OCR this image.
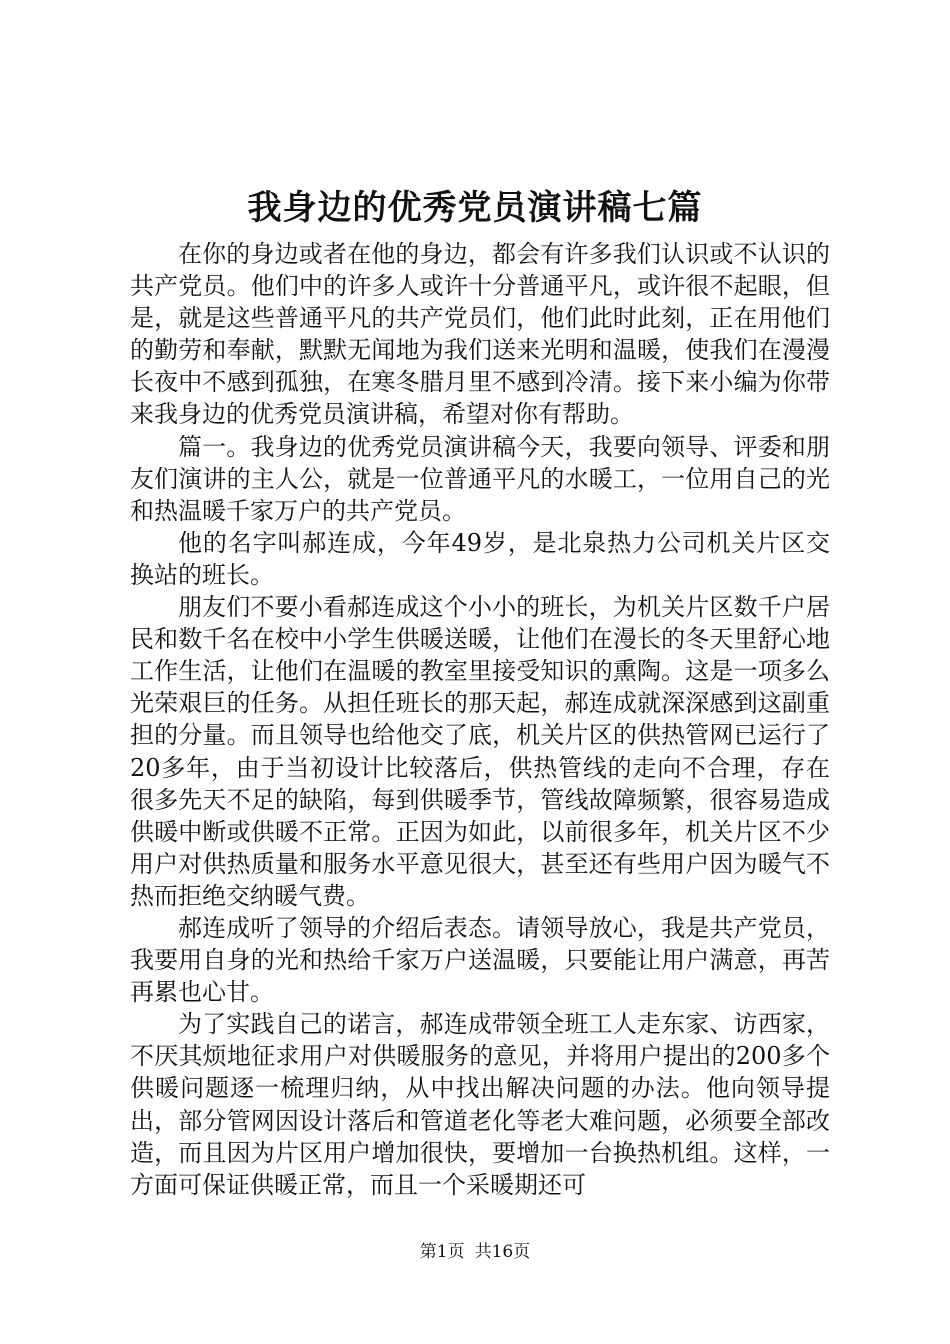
我身边的优秀党员演讲稿七篇

在你的身边或者在他的身边，都会有许多我们认识或不认识的共产党员。他们中的许多人或许十分普通平凡，或许很不起眼，但是，就是这些普通平凡的共产党员们，他们此时此刻，正在用他们的勤劳和奉献，默默无闻地为我们送来光明和温暖，使我们在漫漫长夜中不感到孤独，在寒冬腊月里不感到冷清。接下来小编为你带来我身边的优秀党员演讲稿，希望对你有帮助。

篇一。我身边的优秀党员演讲稿今天，我要向领导、评委和朋友们演讲的主人公，就是一位普通平凡的水暖工，一位用自己的光和热温暖千家万户的共产党员。

他的名字叫郝连成，今年49岁，是北泉热力公司机关片区交换站的班长。

朋友们不要小看郝连成这个小小的班长，为机关片区数千户居民和数千名在校中小学生供暖送暖，让他们在漫长的冬天里舒心地工作生活，让他们在温暖的教室里接受知识的熏陶。这是一项多么光荣艰巨的任务。从担任班长的那天起，郝连成就深深感到这副重担的分量。而且领导也给他交了底，机关片区的供热管网已运行了20多年，由于当初设计比较落后，供热管线的走向不合理，存在很多先天不足的缺陷，每到供暖季节，管线故障频繁，很容易造成供暖中断或供暖不正常。正因为如此，以前很多年，机关片区不少用户对供热质量和服务水平意见很大，甚至还有些用户因为暖气不热而拒绝交纳暖气费。

郝连成听了领导的介绍后表态。请领导放心，我是共产党员，我要用自身的光和热给千家万户送温暖，只要能让用户满意，再苦再累也心甘。

为了实践自己的诺言，郝连成带领全班工人走东家、访西家，不厌其烦地征求用户对供暖服务的意见，并将用户提出的200多个供暖问题逐一梳理归纳，从中找出解决问题的办法。他向领导提出，部分管网因设计落后和管道老化等老大难问题，必须要全部改造，而且因为片区用户增加很快，要增加一台换热机组。这样，一方面可保证供暖正常，而且一个采暖期还可

第1页 共16页
